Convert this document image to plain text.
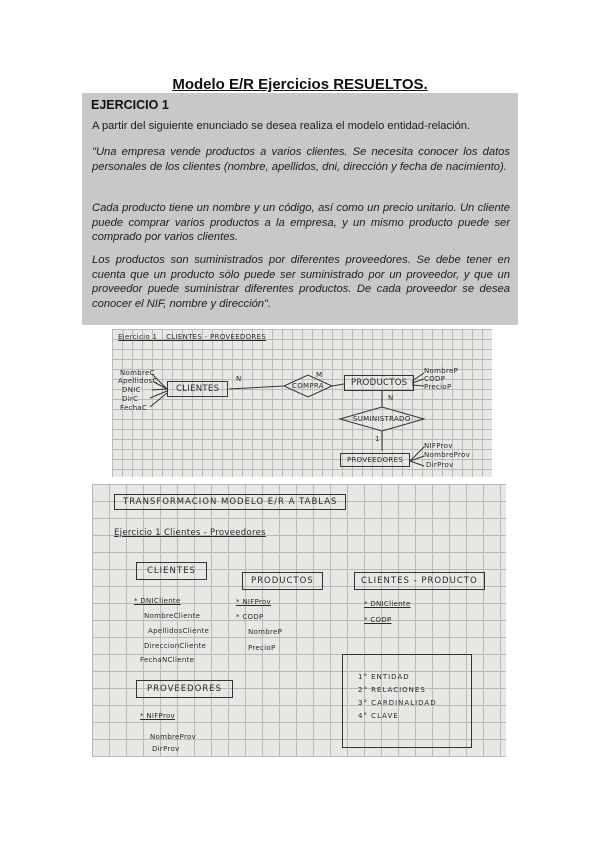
Modelo E/R Ejercicios RESUELTOS.
EJERCICIO 1

A partir del siguiente enunciado se desea realiza el modelo entidad-relación.

"Una empresa vende productos a varios clientes. Se necesita conocer los datos personales de los clientes (nombre, apellidos, dni, dirección y fecha de nacimiento).

Cada producto tiene un nombre y un código, así como un precio unitario. Un cliente puede comprar varios productos a la empresa, y un mismo producto puede ser comprado por varios clientes.

Los productos son suministrados por diferentes proveedores. Se debe tener en cuenta que un producto sólo puede ser suministrado por un proveedor, y que un proveedor puede suministrar diferentes productos. De cada proveedor se desea conocer el NIF, nombre y dirección".

Ejercicio 1 _ CLIENTES - PROVEEDORES
NombreC
ApellidosC
DNIC
DirC
FechaC
CLIENTES
N
COMPRA
M
PRODUCTOS
NombreP
CODP
PrecioP
N
SUMINISTRADO
1
PROVEEDORES
NIFProv
NombreProv
DirProv
TRANSFORMACION MODELO E/R A TABLAS
Ejercicio 1 Clientes - Proveedores
CLIENTES
* DNICliente
NombreCliente
ApellidosCliente
DireccionCliente
FechaNCliente
PRODUCTOS
* NIFProv
* CODP
NombreP
PrecioP
CLIENTES - PRODUCTO
* DNICliente
* CODP
PROVEEDORES
* NIFProv
NombreProv
DirProv
1° ENTIDAD
2° RELACIONES
3° CARDINALIDAD
4° CLAVE
